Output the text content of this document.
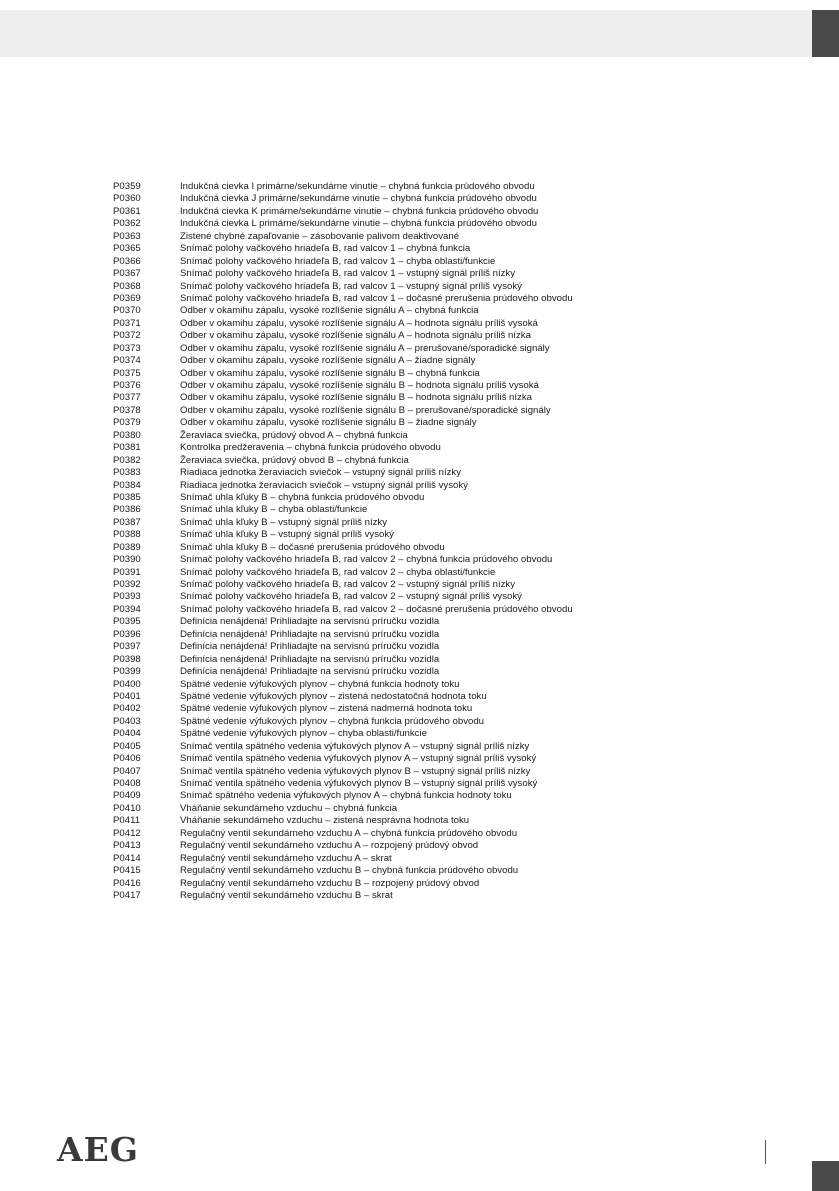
P0359	Indukčná cievka I primárne/sekundárne vinutie – chybná funkcia prúdového obvodu
P0360	Indukčná cievka J primárne/sekundárne vinutie – chybná funkcia prúdového obvodu
P0361	Indukčná cievka K primárne/sekundárne vinutie – chybná funkcia prúdového obvodu
P0362	Indukčná cievka L primárne/sekundárne vinutie – chybná funkcia prúdového obvodu
P0363	Zistené chybné zapaľovanie – zásobovanie palivom deaktivované
P0365	Snímač polohy vačkového hriadeľa B, rad valcov 1 – chybná funkcia
P0366	Snímač polohy vačkového hriadeľa B, rad valcov 1 – chyba oblasti/funkcie
P0367	Snímač polohy vačkového hriadeľa B, rad valcov 1 – vstupný signál príliš nízky
P0368	Snímač polohy vačkového hriadeľa B, rad valcov 1 – vstupný signál príliš vysoký
P0369	Snímač polohy vačkového hriadeľa B, rad valcov 1 – dočasné prerušenia prúdového obvodu
P0370	Odber v okamihu zápalu, vysoké rozlíšenie signálu A – chybná funkcia
P0371	Odber v okamihu zápalu, vysoké rozlíšenie signálu A – hodnota signálu príliš vysoká
P0372	Odber v okamihu zápalu, vysoké rozlíšenie signálu A – hodnota signálu príliš nízka
P0373	Odber v okamihu zápalu, vysoké rozlíšenie signálu A – prerušované/sporadické signály
P0374	Odber v okamihu zápalu, vysoké rozlíšenie signálu A – žiadne signály
P0375	Odber v okamihu zápalu, vysoké rozlíšenie signálu B – chybná funkcia
P0376	Odber v okamihu zápalu, vysoké rozlíšenie signálu B – hodnota signálu príliš vysoká
P0377	Odber v okamihu zápalu, vysoké rozlíšenie signálu B – hodnota signálu príliš nízka
P0378	Odber v okamihu zápalu, vysoké rozlíšenie signálu B – prerušované/sporadické signály
P0379	Odber v okamihu zápalu, vysoké rozlíšenie signálu B – žiadne signály
P0380	Žeraviaca sviečka, prúdový obvod A – chybná funkcia
P0381	Kontrolka predžeravenia – chybná funkcia prúdového obvodu
P0382	Žeraviaca sviečka, prúdový obvod B – chybná funkcia
P0383	Riadiaca jednotka žeraviacich sviečok – vstupný signál príliš nízky
P0384	Riadiaca jednotka žeraviacich sviečok – vstupný signál príliš vysoký
P0385	Snímač uhla kľuky B – chybná funkcia prúdového obvodu
P0386	Snímač uhla kľuky B – chyba oblasti/funkcie
P0387	Snímač uhla kľuky B – vstupný signál príliš nízky
P0388	Snímač uhla kľuky B – vstupný signál príliš vysoký
P0389	Snímač uhla kľuky B – dočasné prerušenia prúdového obvodu
P0390	Snímač polohy vačkového hriadeľa B, rad valcov 2 – chybná funkcia prúdového obvodu
P0391	Snímač polohy vačkového hriadeľa B, rad valcov 2 – chyba oblasti/funkcie
P0392	Snímač polohy vačkového hriadeľa B, rad valcov 2 – vstupný signál príliš nízky
P0393	Snímač polohy vačkového hriadeľa B, rad valcov 2 – vstupný signál príliš vysoký
P0394	Snímač polohy vačkového hriadeľa B, rad valcov 2 – dočasné prerušenia prúdového obvodu
P0395	Definícia nenájdená! Prihliadajte na servisnú príručku vozidla
P0396	Definícia nenájdená! Prihliadajte na servisnú príručku vozidla
P0397	Definícia nenájdená! Prihliadajte na servisnú príručku vozidla
P0398	Definícia nenájdená! Prihliadajte na servisnú príručku vozidla
P0399	Definícia nenájdená! Prihliadajte na servisnú príručku vozidla
P0400	Spätné vedenie výfukových plynov – chybná funkcia hodnoty toku
P0401	Spätné vedenie výfukových plynov – zistená nedostatočná hodnota toku
P0402	Spätné vedenie výfukových plynov – zistená nadmerná hodnota toku
P0403	Spätné vedenie výfukových plynov – chybná funkcia prúdového obvodu
P0404	Spätné vedenie výfukových plynov – chyba oblasti/funkcie
P0405	Snímač ventila spätného vedenia výfukových plynov A – vstupný signál príliš nízky
P0406	Snímač ventila spätného vedenia výfukových plynov A – vstupný signál príliš vysoký
P0407	Snímač ventila spätného vedenia výfukových plynov B – vstupný signál príliš nízky
P0408	Snímač ventila spätného vedenia výfukových plynov B – vstupný signál príliš vysoký
P0409	Snímač spätného vedenia výfukových plynov A – chybná funkcia hodnoty toku
P0410	Vháňanie sekundárneho vzduchu – chybná funkcia
P0411	Vháňanie sekundárneho vzduchu – zistená nesprávna hodnota toku
P0412	Regulačný ventil sekundárneho vzduchu A – chybná funkcia prúdového obvodu
P0413	Regulačný ventil sekundárneho vzduchu A – rozpojený prúdový obvod
P0414	Regulačný ventil sekundárneho vzduchu A – skrat
P0415	Regulačný ventil sekundárneho vzduchu B – chybná funkcia prúdového obvodu
P0416	Regulačný ventil sekundárneho vzduchu B – rozpojený prúdový obvod
P0417	Regulačný ventil sekundárneho vzduchu B – skrat
AEG
